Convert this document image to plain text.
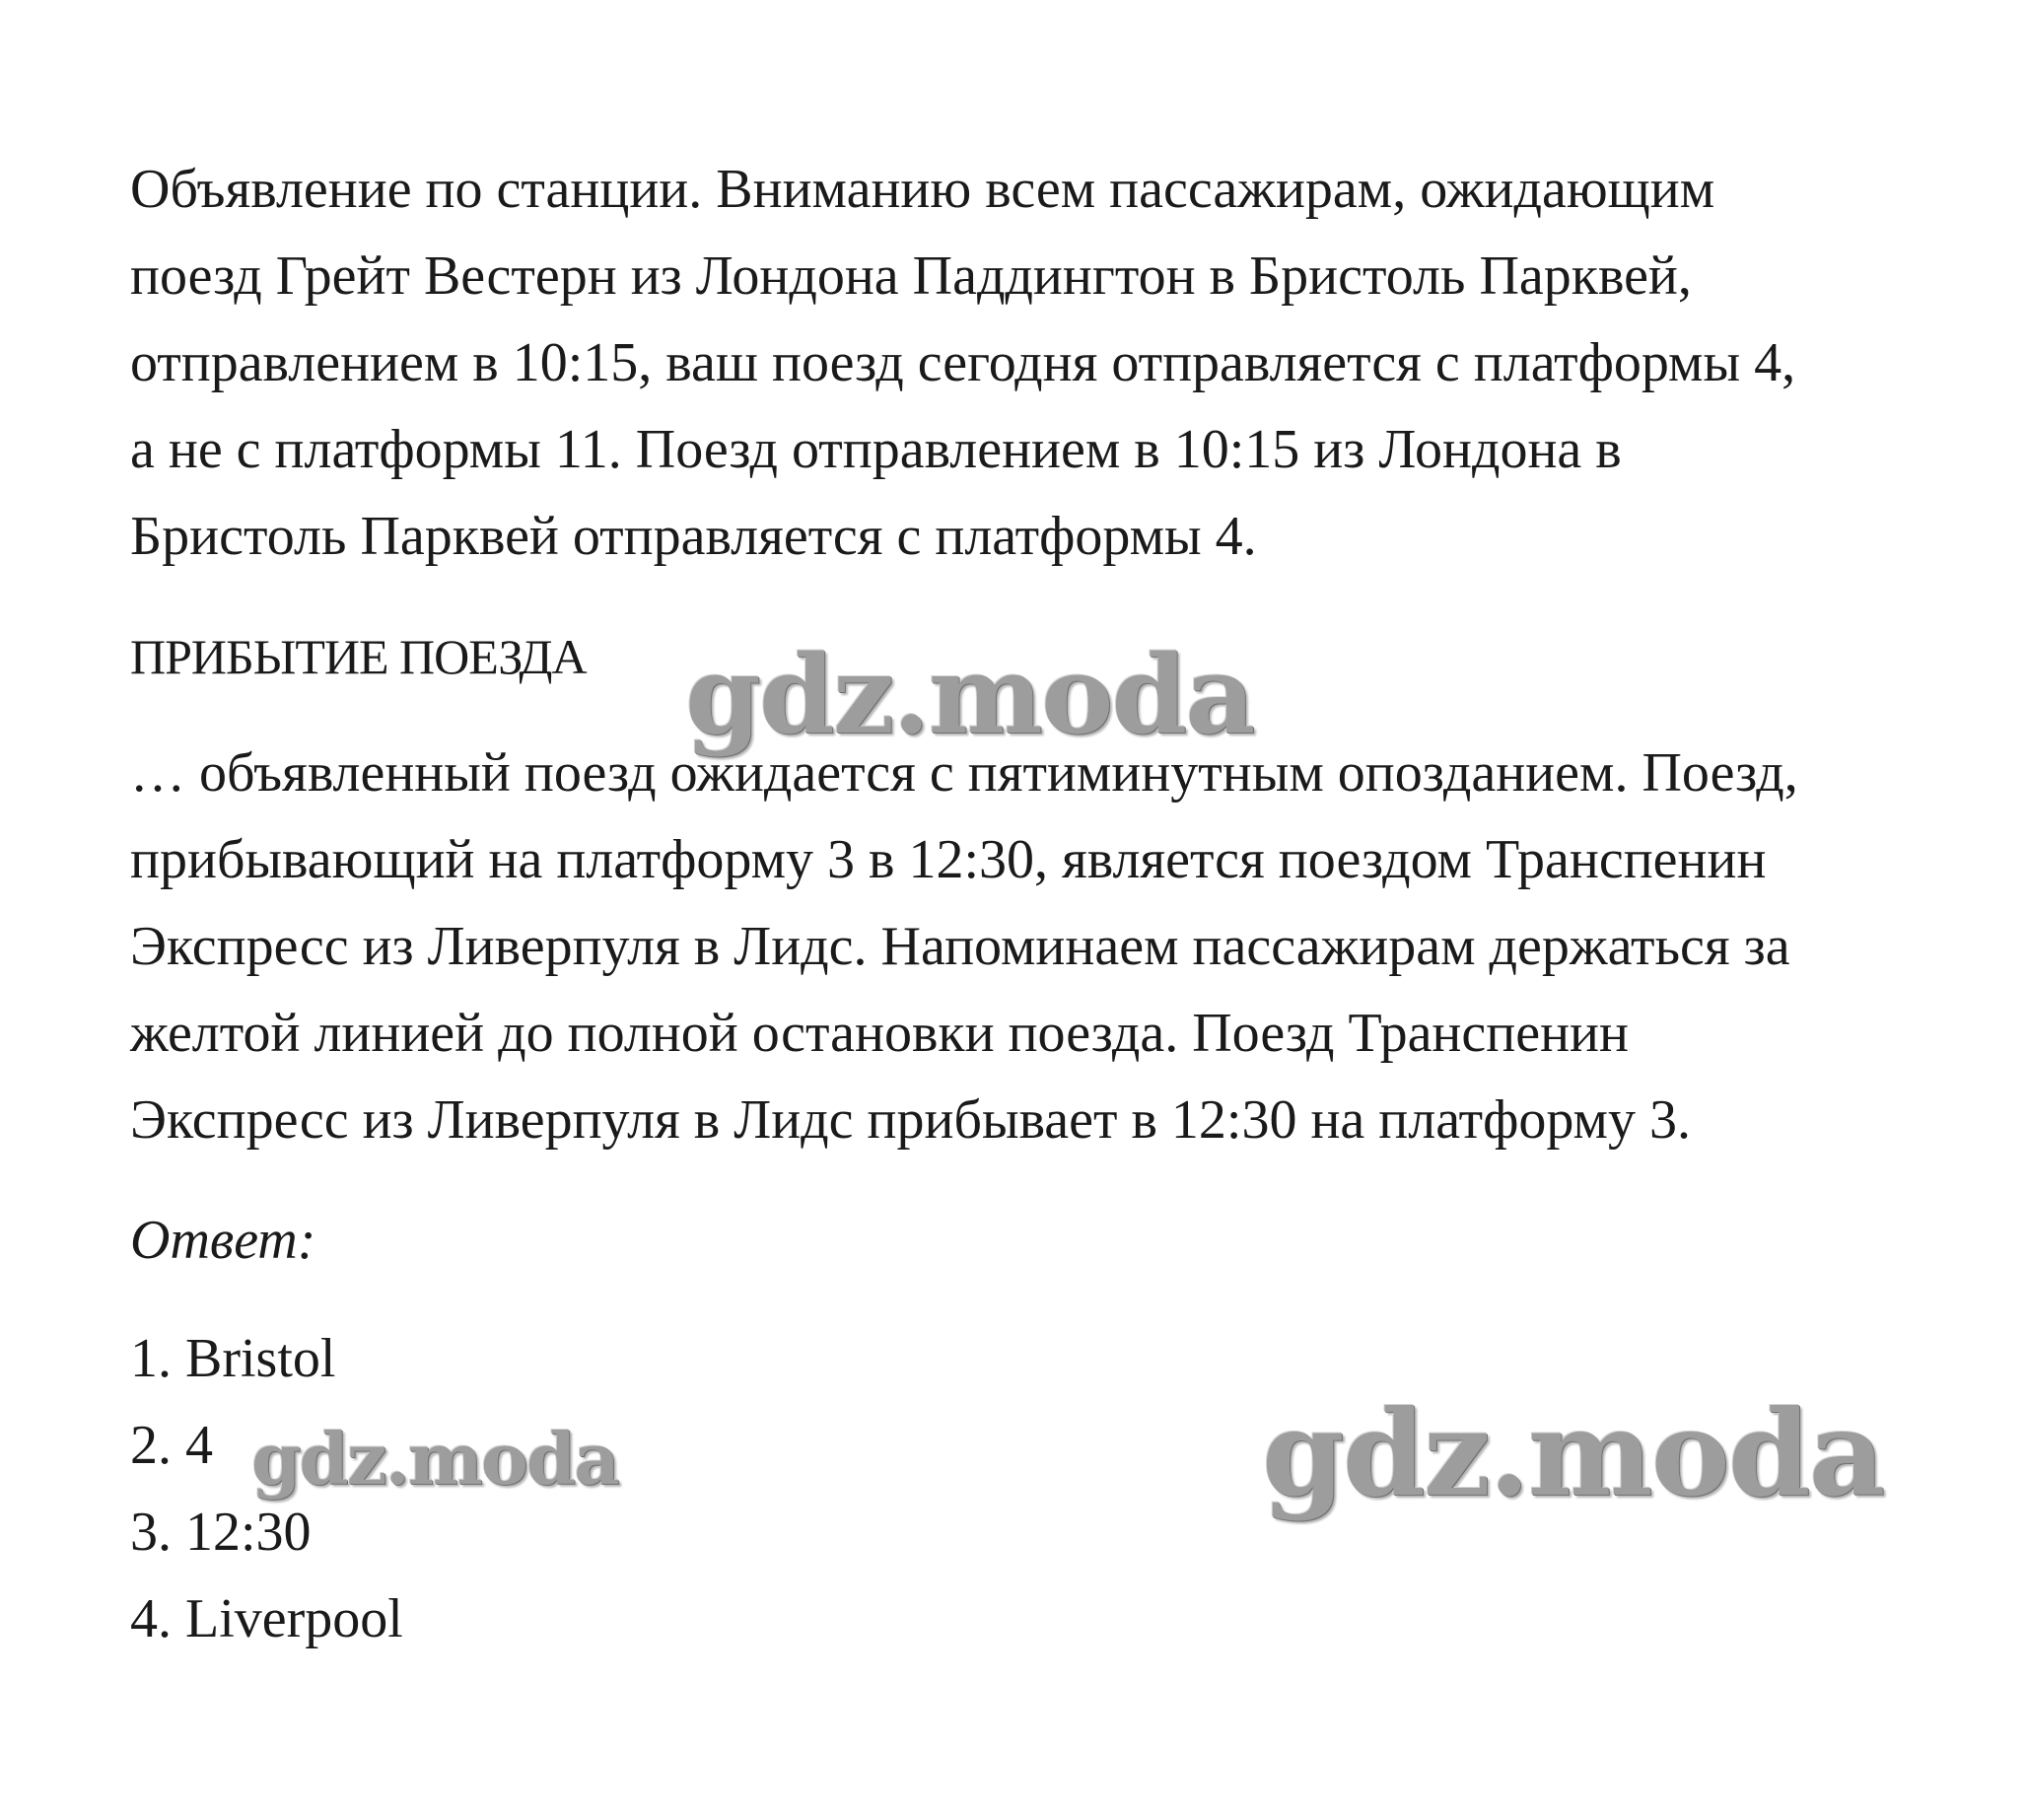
Объявление по станции. Вниманию всем пассажирам, ожидающим

поезд Грейт Вестерн из Лондона Паддингтон в Бристоль Парквей,

отправлением в 10:15, ваш поезд сегодня отправляется с платформы 4,

а не с платформы 11. Поезд отправлением в 10:15 из Лондона в

Бристоль Парквей отправляется с платформы 4.

ПРИБЫТИЕ ПОЕЗДА

… объявленный поезд ожидается с пятиминутным опозданием. Поезд,

прибывающий на платформу 3 в 12:30, является поездом Транспенин

Экспресс из Ливерпуля в Лидс. Напоминаем пассажирам держаться за

желтой линией до полной остановки поезда. Поезд Транспенин

Экспресс из Ливерпуля в Лидс прибывает в 12:30 на платформу 3.

Ответ:

1. Bristol

2. 4

3. 12:30

4. Liverpool

gdz.moda
gdz.moda	gdz.moda
